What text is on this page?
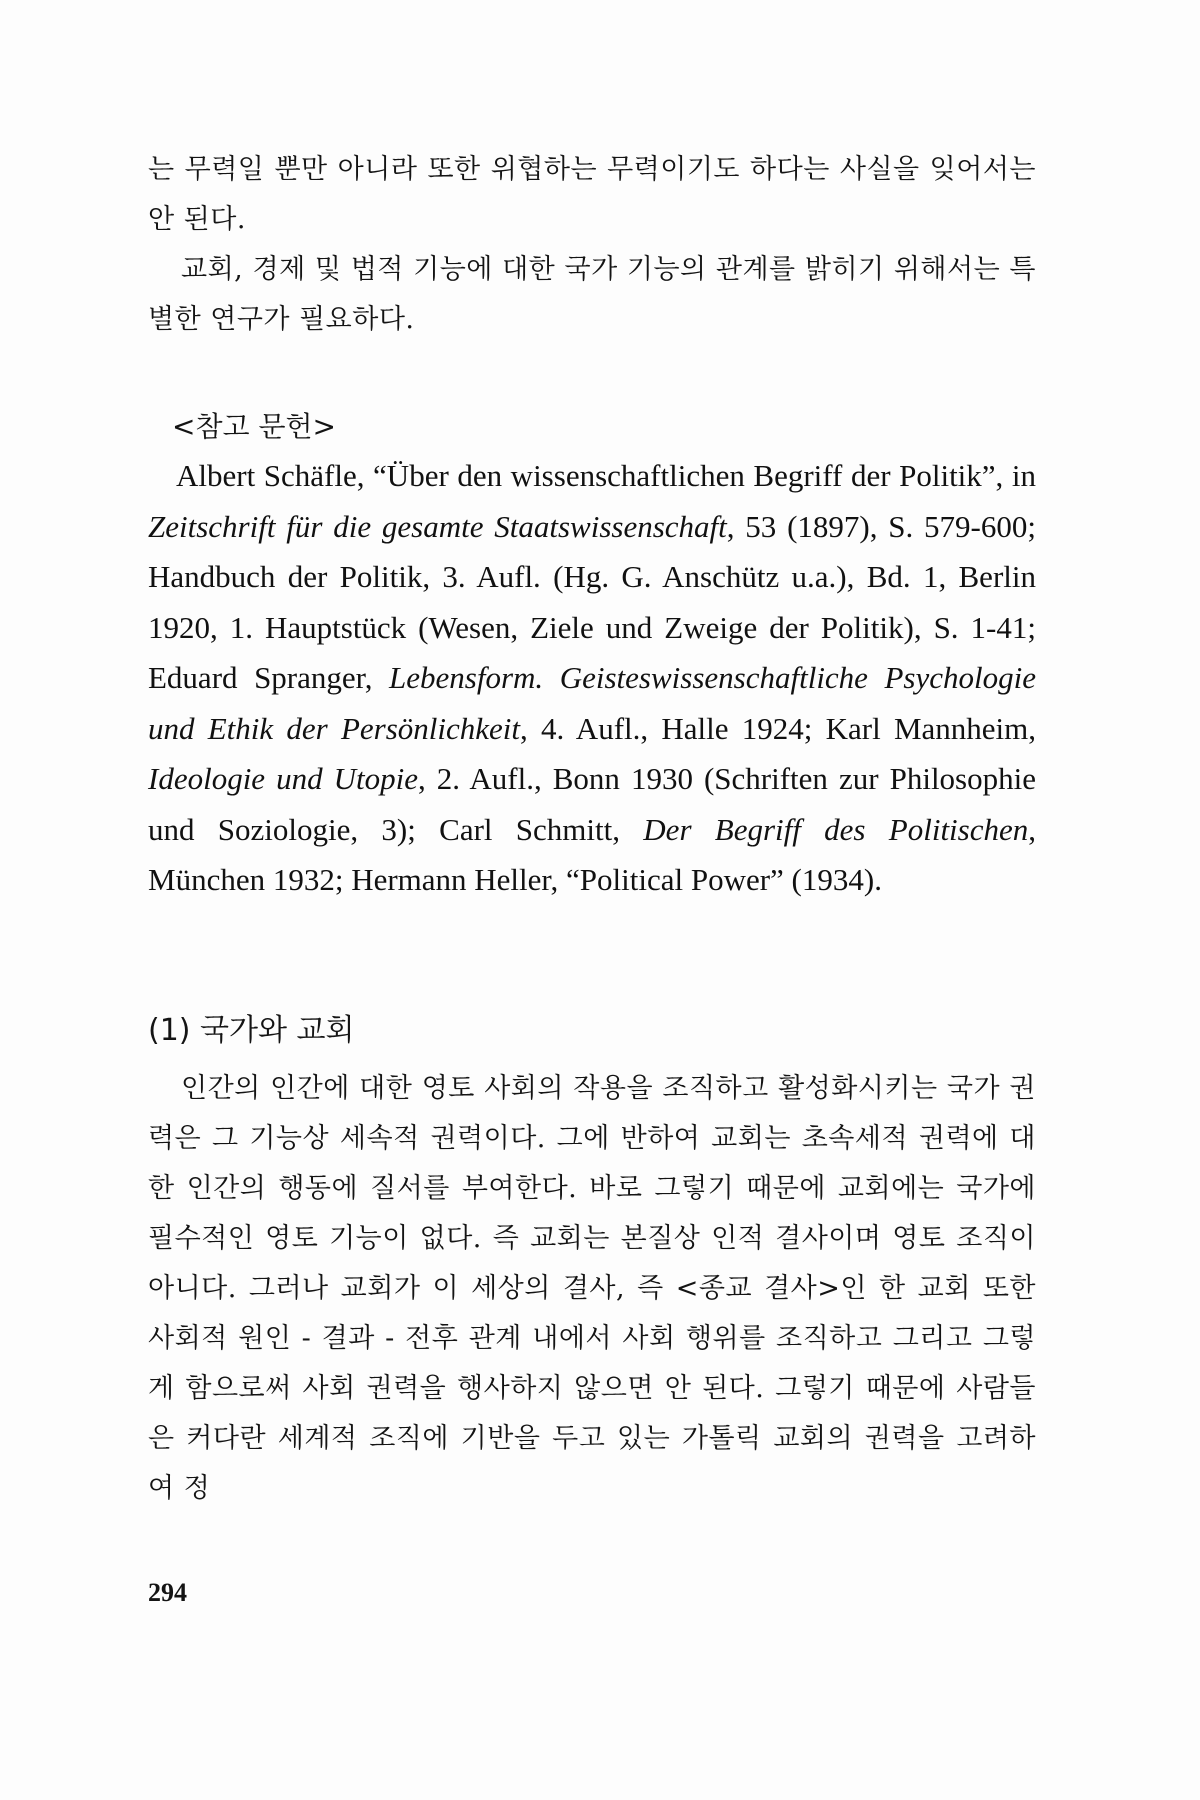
는 무력일 뿐만 아니라 또한 위협하는 무력이기도 하다는 사실을 잊어서는 안 된다.

교회, 경제 및 법적 기능에 대한 국가 기능의 관계를 밝히기 위해서는 특별한 연구가 필요하다.

<참고 문헌>
Albert Schäfle, “Über den wissenschaftlichen Begriff der Politik”, in Zeitschrift für die gesamte Staatswissenschaft, 53 (1897), S. 579-600; Handbuch der Politik, 3. Aufl. (Hg. G. Anschütz u.a.), Bd. 1, Berlin 1920, 1. Hauptstück (Wesen, Ziele und Zweige der Politik), S. 1-41; Eduard Spranger, Lebensform. Geisteswissenschaftliche Psychologie und Ethik der Persönlichkeit, 4. Aufl., Halle 1924; Karl Mannheim, Ideologie und Utopie, 2. Aufl., Bonn 1930 (Schriften zur Philosophie und Soziologie, 3); Carl Schmitt, Der Begriff des Politischen, München 1932; Hermann Heller, “Political Power” (1934).
(1) 국가와 교회

인간의 인간에 대한 영토 사회의 작용을 조직하고 활성화시키는 국가 권력은 그 기능상 세속적 권력이다. 그에 반하여 교회는 초속세적 권력에 대한 인간의 행동에 질서를 부여한다. 바로 그렇기 때문에 교회에는 국가에 필수적인 영토 기능이 없다. 즉 교회는 본질상 인적 결사이며 영토 조직이 아니다. 그러나 교회가 이 세상의 결사, 즉 <종교 결사>인 한 교회 또한 사회적 원인 - 결과 - 전후 관계 내에서 사회 행위를 조직하고 그리고 그렇게 함으로써 사회 권력을 행사하지 않으면 안 된다. 그렇기 때문에 사람들은 커다란 세계적 조직에 기반을 두고 있는 가톨릭 교회의 권력을 고려하여 정

294
